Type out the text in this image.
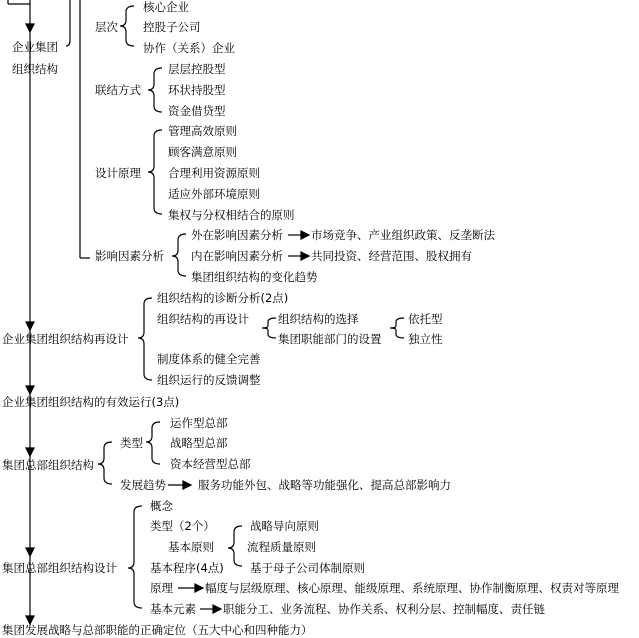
企业集团
组织结构
层次
核心企业
控股子公司
协作（关系）企业
联结方式
层层控股型
环状持股型
资金借贷型
设计原理
管理高效原则
顾客满意原则
合理利用资源原则
适应外部环境原则
集权与分权相结合的原则
影响因素分析
外在影响因素分析 市场竞争、产业组织政策、反垄断法
内在影响因素分析 共同投资、经营范围、股权拥有
集团组织结构的变化趋势
企业集团组织结构再设计
组织结构的诊断分析(2点)
组织结构的再设计	组织结构的选择
集团职能部门的设置
依托型
独立性
制度体系的健全完善
组织运行的反馈调整
企业集团组织结构的有效运行(3点)
集团总部组织结构
类型
运作型总部
战略型总部
资本经营型总部
发展趋势	服务功能外包、战略等功能强化、提高总部影响力
集团总部组织结构设计
概念
类型（2个）
基本原则
基本程序(4点)
战略导向原则
流程质量原则
基于母子公司体制原则
原理	幅度与层级原理、核心原理、能级原理、系统原理、协作制衡原理、权责对等原理
基本元素 职能分工、业务流程、协作关系、权利分层、控制幅度、责任链
集团发展战略与总部职能的正确定位（五大中心和四种能力）
